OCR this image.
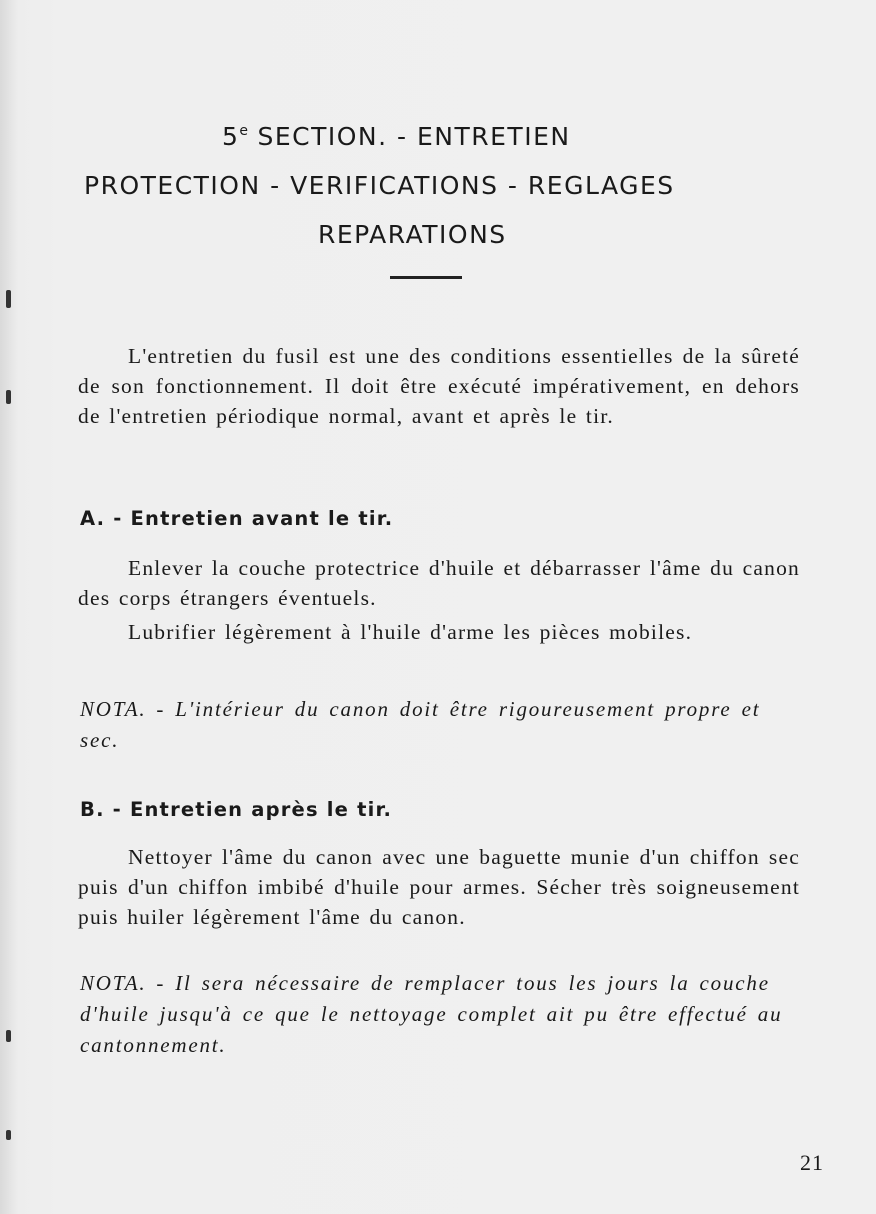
5e SECTION. - ENTRETIEN
PROTECTION - VERIFICATIONS - REGLAGES
REPARATIONS

L'entretien du fusil est une des conditions essentielles de la sûreté de son fonctionnement. Il doit être exécuté impérativement, en dehors de l'entretien périodique normal, avant et après le tir.

A. - Entretien avant le tir.

Enlever la couche protectrice d'huile et débarrasser l'âme du canon des corps étrangers éventuels.

Lubrifier légèrement à l'huile d'arme les pièces mobiles.

NOTA. - L'intérieur du canon doit être rigoureusement propre et sec.

B. - Entretien après le tir.

Nettoyer l'âme du canon avec une baguette munie d'un chiffon sec puis d'un chiffon imbibé d'huile pour armes. Sécher très soigneusement puis huiler légèrement l'âme du canon.

NOTA. - Il sera nécessaire de remplacer tous les jours la couche d'huile jusqu'à ce que le nettoyage complet ait pu être effectué au cantonnement.

21
